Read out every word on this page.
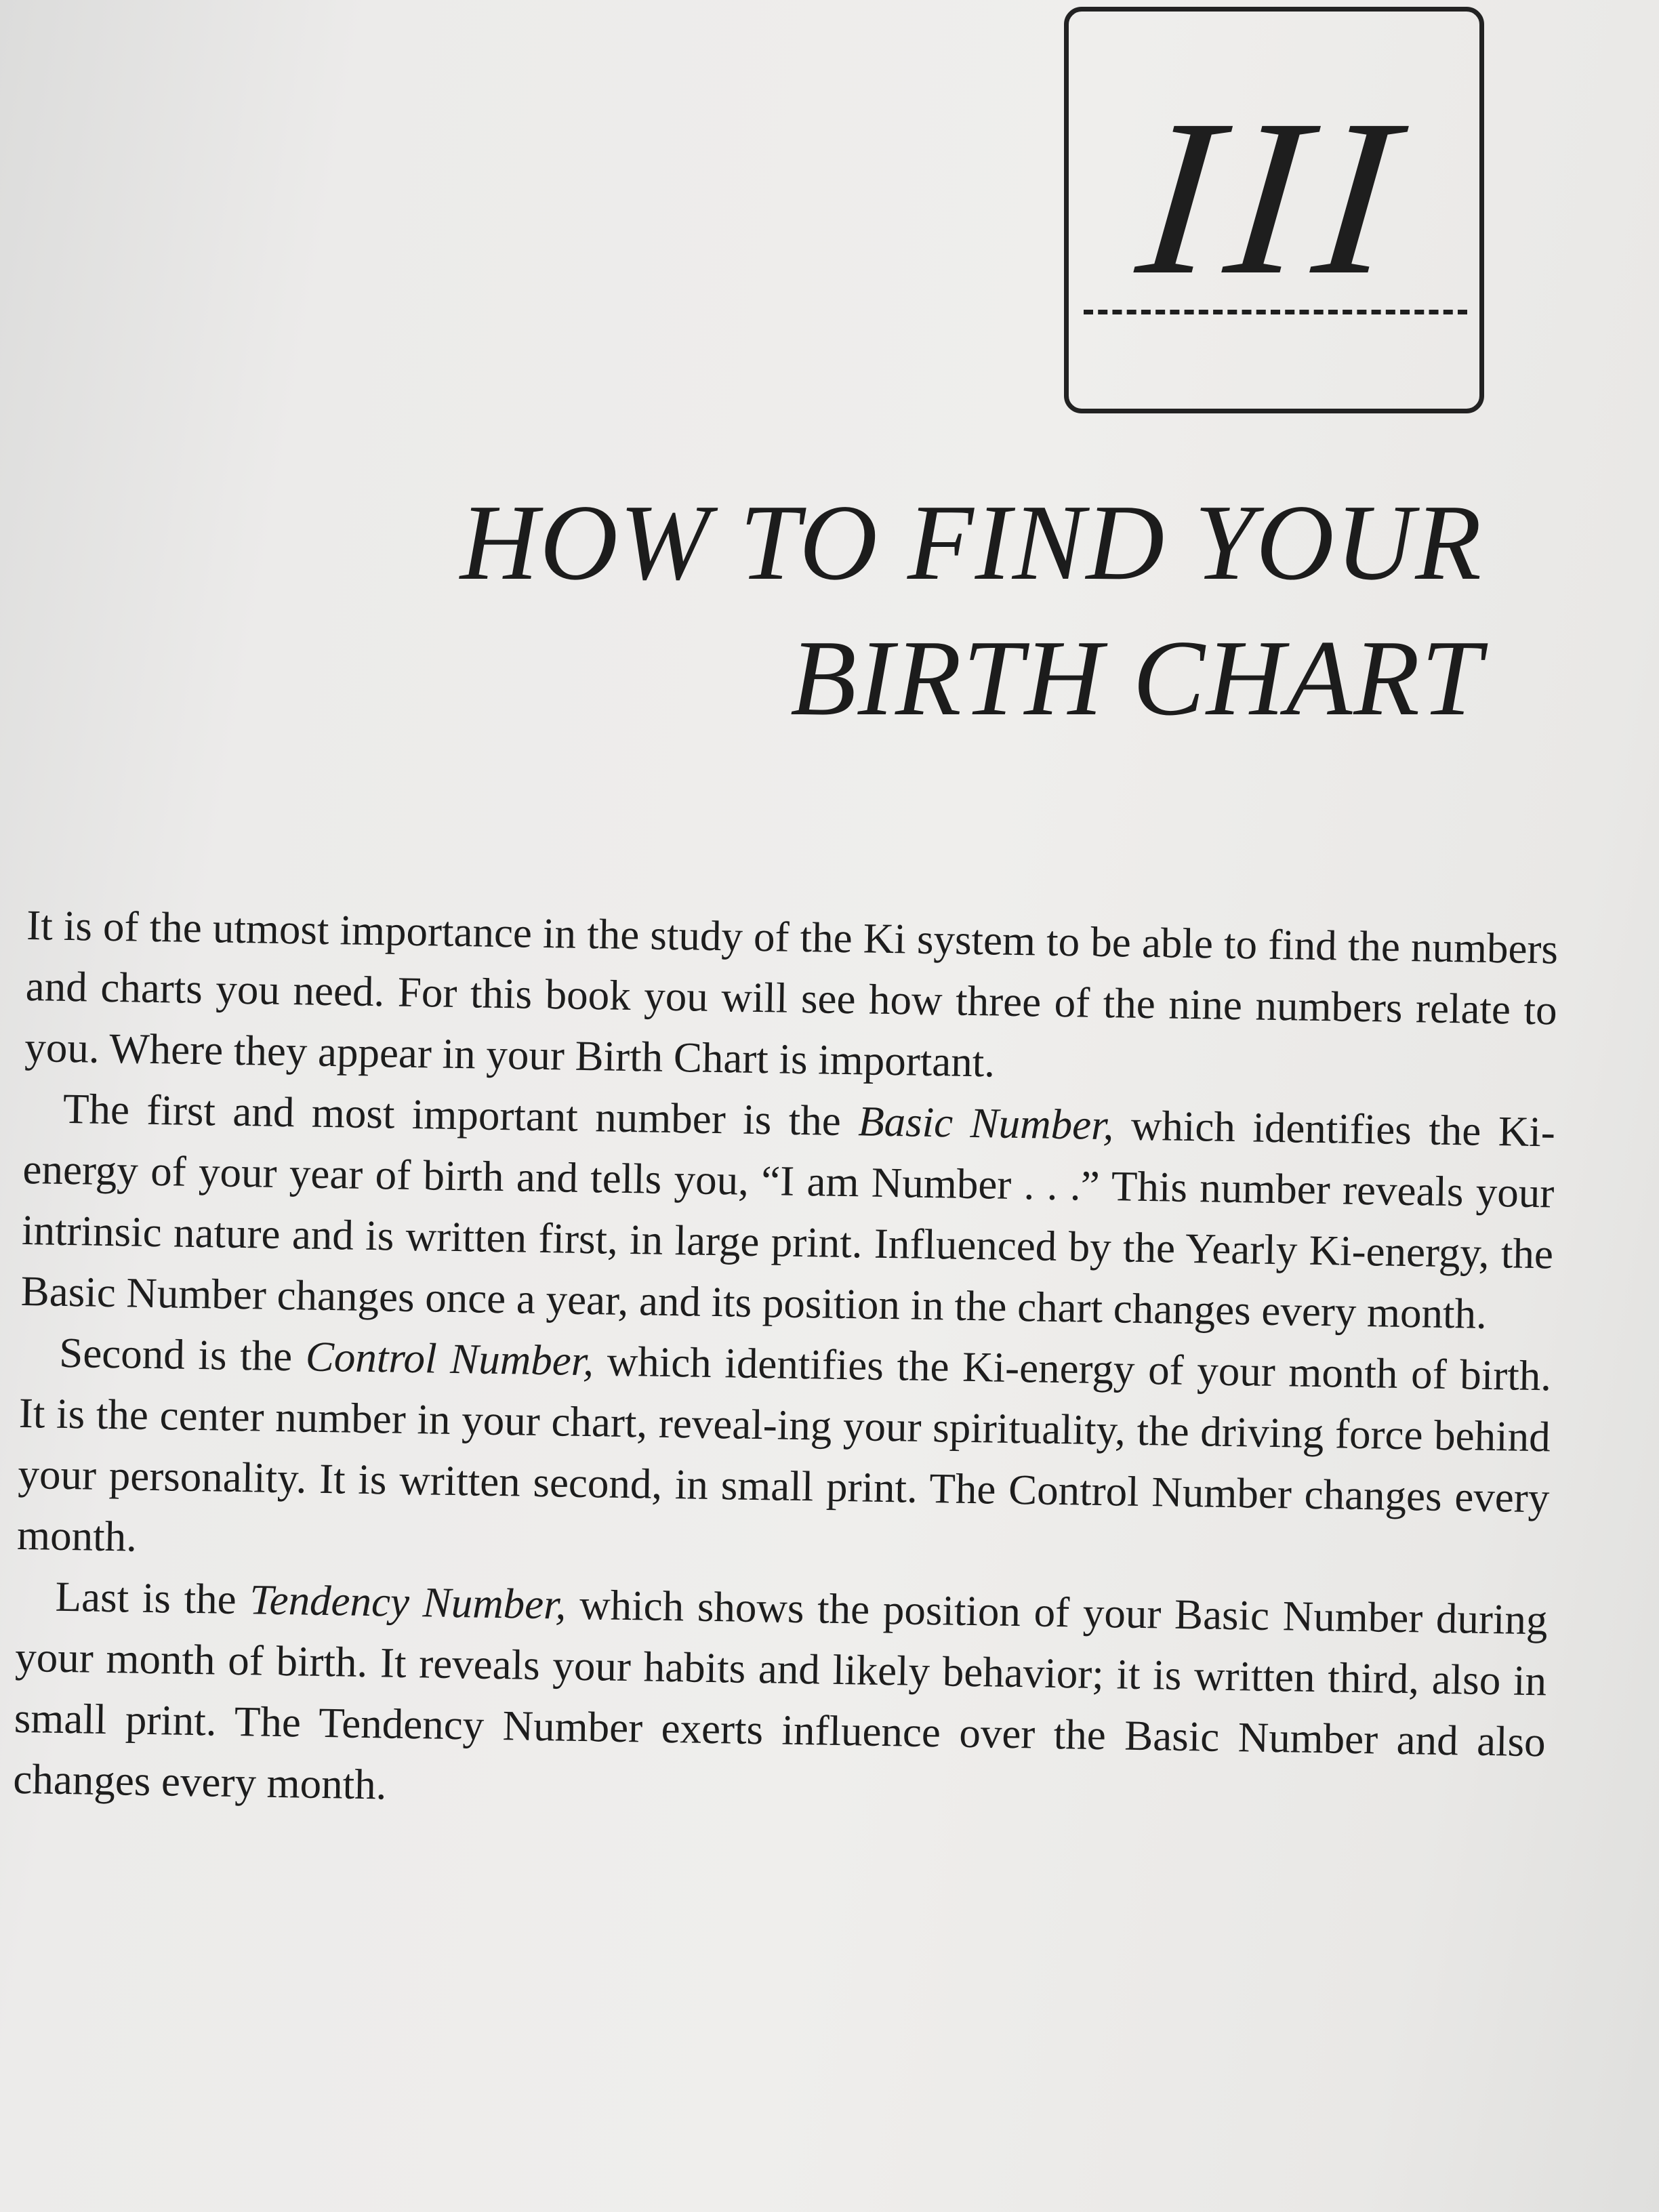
III
HOW TO FIND YOUR
BIRTH CHART

It is of the utmost importance in the study of the Ki system to be able to find the numbers and charts you need. For this book you will see how three of the nine numbers relate to you. Where they appear in your Birth Chart is important.

The first and most important number is the Basic Number, which identifies the Ki-energy of your year of birth and tells you, “I am Number . . .” This number reveals your intrinsic nature and is written first, in large print. Influenced by the Yearly Ki-energy, the Basic Number changes once a year, and its position in the chart changes every month.

Second is the Control Number, which identifies the Ki-energy of your month of birth. It is the center number in your chart, reveal-ing your spirituality, the driving force behind your personality. It is written second, in small print. The Control Number changes every month.

Last is the Tendency Number, which shows the position of your Basic Number during your month of birth. It reveals your habits and likely behavior; it is written third, also in small print. The Tendency Number exerts influence over the Basic Number and also changes every month.
